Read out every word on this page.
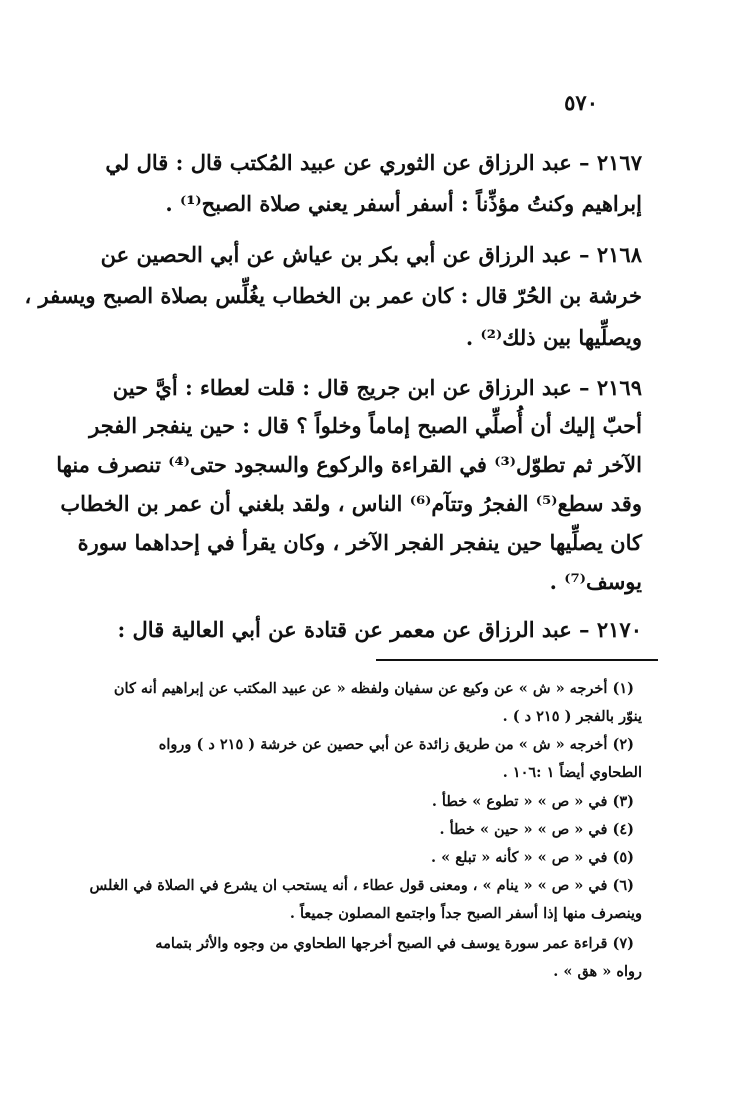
٥٧٠
٢١٦٧ – عبد الرزاق عن الثوري عن عبيد المُكتب قال : قال لي
إبراهيم وكنتُ مؤذِّناً : أسفر أسفر يعني صلاة الصبح⁽¹⁾ .
٢١٦٨ – عبد الرزاق عن أبي بكر بن عياش عن أبي الحصين عن
خرشة بن الحُرّ قال : كان عمر بن الخطاب يغُلِّس بصلاة الصبح ويسفر ،
ويصلِّيها بين ذلك⁽²⁾ .
٢١٦٩ – عبد الرزاق عن ابن جريج قال : قلت لعطاء : أيَّ حين
أحبّ إليك أن أُصلِّي الصبح إماماً وخلواً ؟ قال : حين ينفجر الفجر
الآخر ثم تطوّل⁽³⁾ في القراءة والركوع والسجود حتى⁽⁴⁾ تنصرف منها
وقد سطع⁽⁵⁾ الفجرُ وتتآم⁽⁶⁾ الناس ، ولقد بلغني أن عمر بن الخطاب
كان يصلِّيها حين ينفجر الفجر الآخر ، وكان يقرأ في إحداهما سورة
يوسف⁽⁷⁾ .
٢١٧٠ – عبد الرزاق عن معمر عن قتادة عن أبي العالية قال :
(١) أخرجه « ش » عن وكيع عن سفيان ولفظه « عن عبيد المكتب عن إبراهيم أنه كان
ينوّر بالفجر ( ٢١٥ د ) .
(٢) أخرجه « ش » من طريق زائدة عن أبي حصين عن خرشة ( ٢١٥ د ) ورواه
الطحاوي أيضاً ١ :١٠٦ .
(٣) في « ص » « تطوع » خطأ .
(٤) في « ص » « حين » خطأ .
(٥) في « ص » « كأنه « تبلع » .
(٦) في « ص » « ينام » ، ومعنى قول عطاء ، أنه يستحب ان يشرع في الصلاة في الغلس
وينصرف منها إذا أسفر الصبح جداً واجتمع المصلون جميعاً .
(٧) قراءة عمر سورة يوسف في الصبح أخرجها الطحاوي من وجوه والأثر بتمامه
رواه « هق » .
